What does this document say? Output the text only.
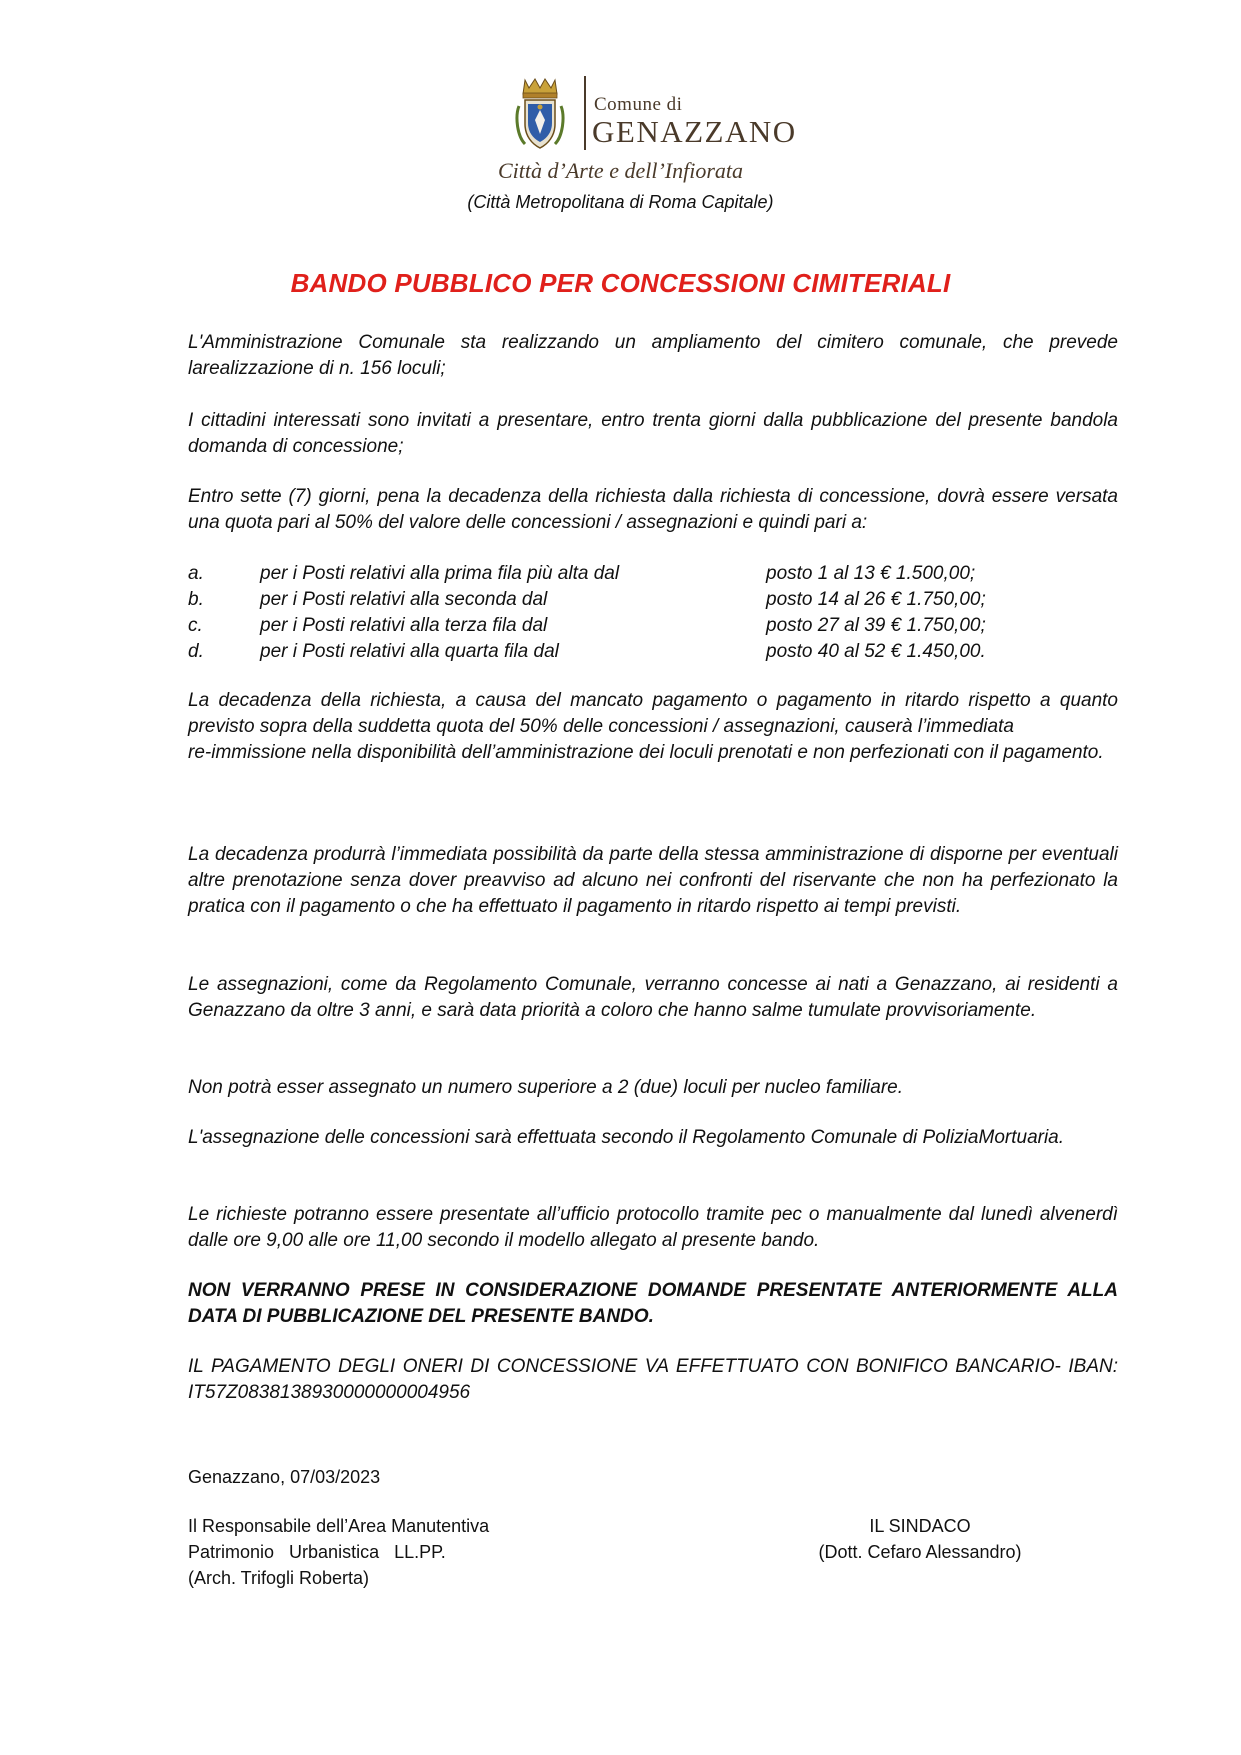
Comune di
GENAZZANO
Città d’Arte e dell’Infiorata
(Città Metropolitana di Roma Capitale)
BANDO PUBBLICO PER CONCESSIONI CIMITERIALI

L'Amministrazione Comunale sta realizzando un ampliamento del cimitero comunale, che prevede larealizzazione di n. 156 loculi;

I cittadini interessati sono invitati a presentare, entro trenta giorni dalla pubblicazione del presente bandola domanda di concessione;

Entro sette (7) giorni, pena la decadenza della richiesta dalla richiesta di concessione, dovrà essere versata una quota pari al 50% del valore delle concessioni / assegnazioni e quindi pari a:

a.	per i Posti relativi alla prima fila più alta dal	posto 1 al 13 € 1.500,00;
b.	per i Posti relativi alla seconda dal	posto 14 al 26 € 1.750,00;
c.	per i Posti relativi alla terza fila dal	posto 27 al 39 € 1.750,00;
d.	per i Posti relativi alla quarta fila dal	posto 40 al 52 € 1.450,00.

La decadenza della richiesta, a causa del mancato pagamento o pagamento in ritardo rispetto a quanto previsto sopra della suddetta quota del 50% delle concessioni / assegnazioni, causerà l’immediata

re-immissione nella disponibilità dell’amministrazione dei loculi prenotati e non perfezionati con il pagamento.

La decadenza produrrà l’immediata possibilità da parte della stessa amministrazione di disporne per eventuali altre prenotazione senza dover preavviso ad alcuno nei confronti del riservante che non ha perfezionato la pratica con il pagamento o che ha effettuato il pagamento in ritardo rispetto ai tempi previsti.

Le assegnazioni, come da Regolamento Comunale, verranno concesse ai nati a Genazzano, ai residenti a Genazzano da oltre 3 anni, e sarà data priorità a coloro che hanno salme tumulate provvisoriamente.

Non potrà esser assegnato un numero superiore a 2 (due) loculi per nucleo familiare.

L'assegnazione delle concessioni sarà effettuata secondo il Regolamento Comunale di PoliziaMortuaria.

Le richieste potranno essere presentate all’ufficio protocollo tramite pec o manualmente dal lunedì alvenerdì dalle ore 9,00 alle ore 11,00 secondo il modello allegato al presente bando.

NON VERRANNO PRESE IN CONSIDERAZIONE DOMANDE PRESENTATE ANTERIORMENTE ALLA DATA DI PUBBLICAZIONE DEL PRESENTE BANDO.

IL PAGAMENTO DEGLI ONERI DI CONCESSIONE VA EFFETTUATO CON BONIFICO BANCARIO- IBAN: IT57Z0838138930000000004956

Genazzano, 07/03/2023
Il Responsabile dell’Area Manutentiva
Patrimonio   Urbanistica   LL.PP.
(Arch. Trifogli Roberta)
IL SINDACO
(Dott. Cefaro Alessandro)
